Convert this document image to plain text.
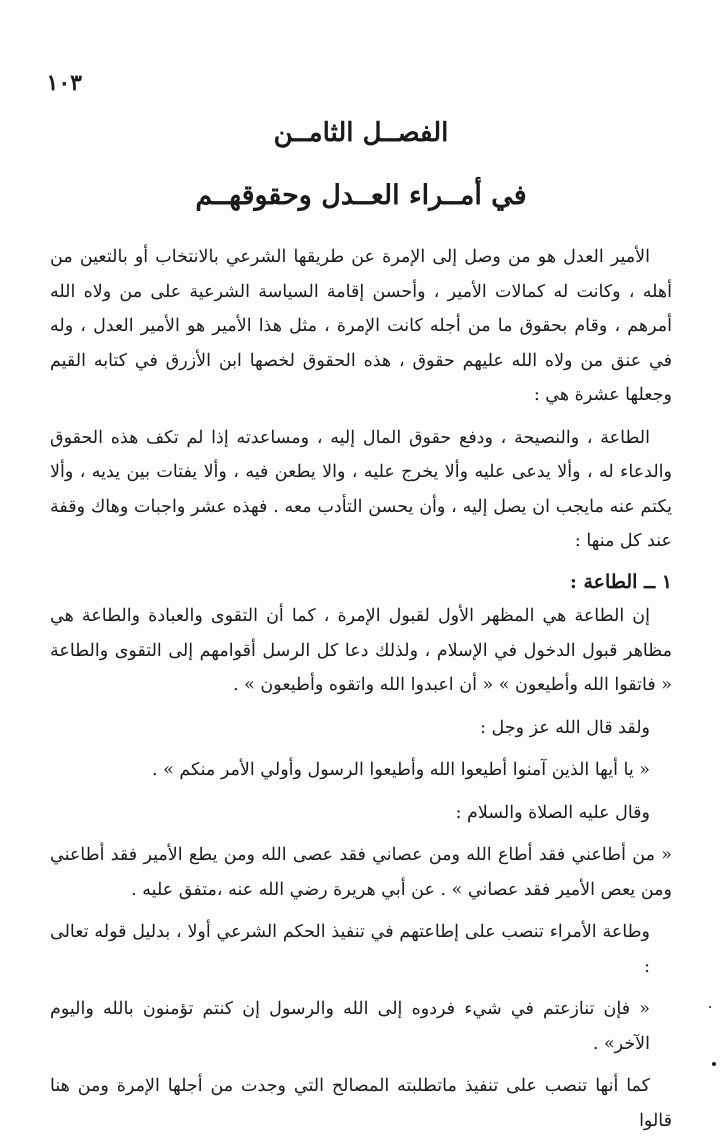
١٠٣
الفصــل الثامــن
في أمــراء العــدل وحقوقهــم

الأمير العدل هو من وصل إلى الإمرة عن طريقها الشرعي بالانتخاب أو بالتعين من أهله ، وكانت له كمالات الأمير ، وأحسن إقامة السياسة الشرعية على من ولاه الله أمرهم ، وقام بحقوق ما من أجله كانت الإمرة ، مثل هذا الأمير هو الأمير العدل ، وله في عنق من ولاه الله عليهم حقوق ، هذه الحقوق لخصها ابن الأزرق في كتابه القيم وجعلها عشرة هي :

الطاعة ، والنصيحة ، ودفع حقوق المال إليه ، ومساعدته إذا لم تكف هذه الحقوق والدعاء له ، وألا يدعى عليه وألا يخرج عليه ، والا يطعن فيه ، وألا يفتات بين يديه ، وألا يكتم عنه مايجب ان يصل إليه ، وأن يحسن التأدب معه . فهذه عشر واجبات وهاك وقفة عند كل منها :

١ ــ الطاعة :

إن الطاعة هي المظهر الأول لقبول الإمرة ، كما أن التقوى والعبادة والطاعة هي مظاهر قبول الدخول في الإسلام ، ولذلك دعا كل الرسل أقوامهم إلى التقوى والطاعة « فاتقوا الله وأطيعون » « أن اعبدوا الله واتقوه وأطيعون » .

ولقد قال الله عز وجل :

« يا أيها الذين آمنوا أطيعوا الله وأطيعوا الرسول وأولي الأمر منكم » .

وقال عليه الصلاة والسلام :

« من أطاعني فقد أطاع الله ومن عصاني فقد عصى الله ومن يطع الأمير فقد أطاعني ومن يعص الأمير فقد عصاني » . عن أبي هريرة رضي الله عنه ،متفق عليه .

وطاعة الأمراء تنصب على إطاعتهم في تنفيذ الحكم الشرعي أولا ، بدليل قوله تعالى :

« فإن تنازعتم في شيء فردوه إلى الله والرسول إن كنتم تؤمنون بالله واليوم الآخر» .

كما أنها تنصب على تنفيذ ماتطلبته المصالح التي وجدت من أجلها الإمرة ومن هنا قالوا
